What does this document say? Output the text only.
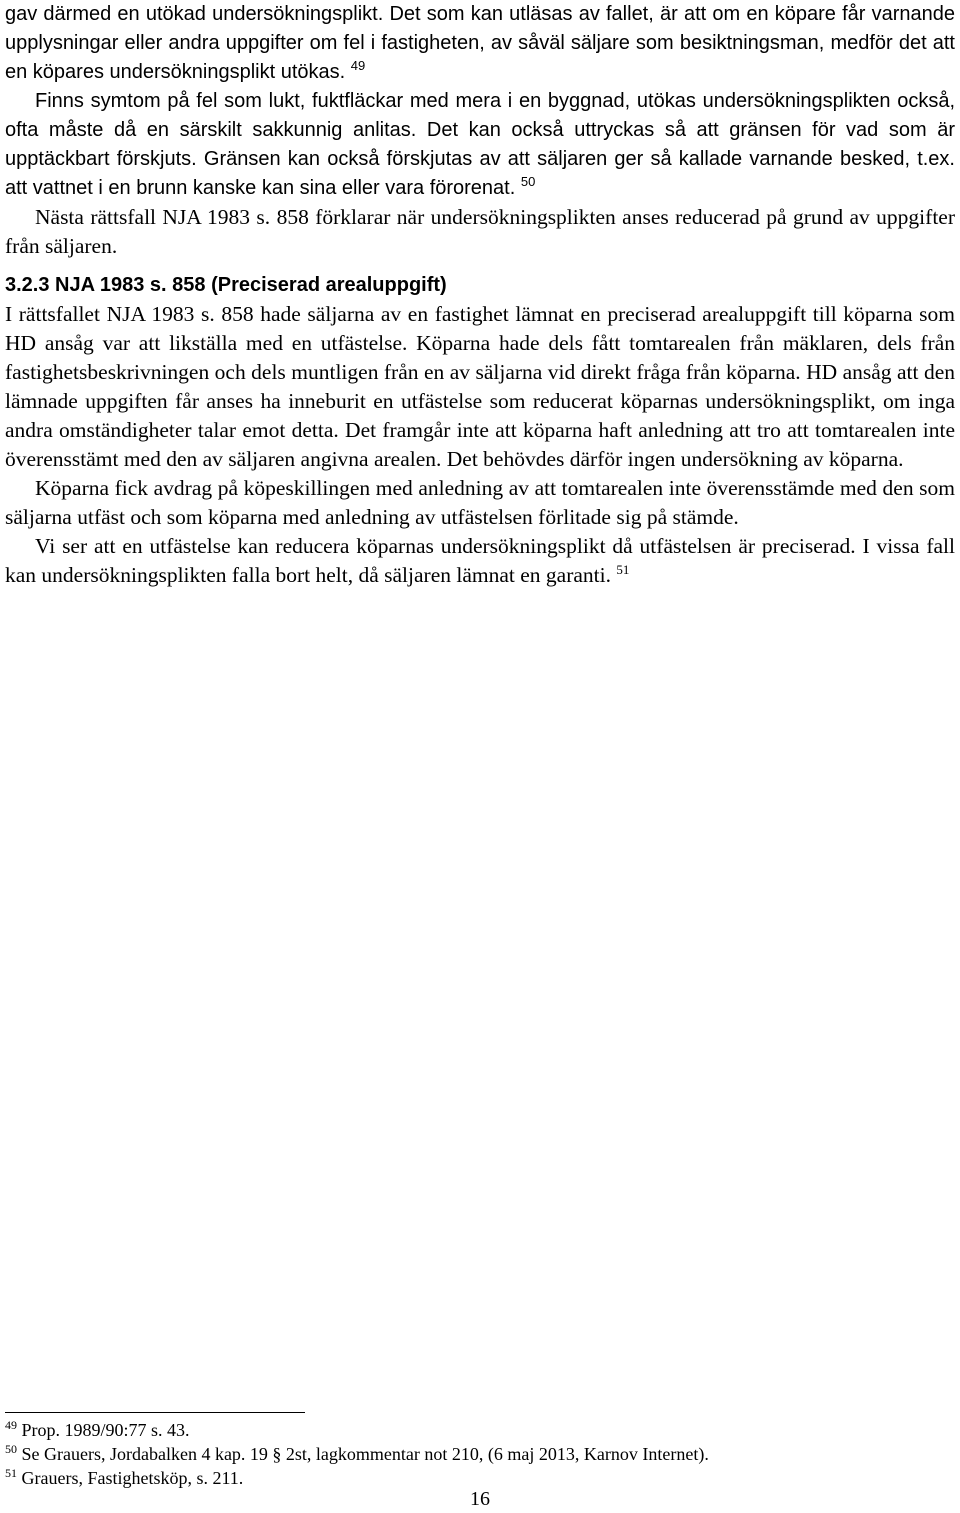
gav därmed en utökad undersökningsplikt. Det som kan utläsas av fallet, är att om en köpare får varnande upplysningar eller andra uppgifter om fel i fastigheten, av såväl säljare som besiktningsman, medför det att en köpares undersökningsplikt utökas. $^{49}$

Finns symtom på fel som lukt, fuktfläckar med mera i en byggnad, utökas undersökningsplikten också, ofta måste då en särskilt sakkunnig anlitas. Det kan också uttryckas så att gränsen för vad som är upptäckbart förskjuts. Gränsen kan också förskjutas av att säljaren ger så kallade varnande besked, t.ex. att vattnet i en brunn kanske kan sina eller vara förorenat. $^{50}$

Nästa rättsfall NJA 1983 s. 858 förklarar när undersökningsplikten anses reducerad på grund av uppgifter från säljaren.

3.2.3 NJA 1983 s. 858 (Preciserad arealuppgift)

I rättsfallet NJA 1983 s. 858 hade säljarna av en fastighet lämnat en preciserad arealuppgift till köparna som HD ansåg var att likställa med en utfästelse. Köparna hade dels fått tomtarealen från mäklaren, dels från fastighetsbeskrivningen och dels muntligen från en av säljarna vid direkt fråga från köparna. HD ansåg att den lämnade uppgiften får anses ha inneburit en utfästelse som reducerat köparnas undersökningsplikt, om inga andra omständigheter talar emot detta. Det framgår inte att köparna haft anledning att tro att tomtarealen inte överensstämt med den av säljaren angivna arealen. Det behövdes därför ingen undersökning av köparna.

Köparna fick avdrag på köpeskillingen med anledning av att tomtarealen inte överensstämde med den som säljarna utfäst och som köparna med anledning av utfästelsen förlitade sig på stämde.

Vi ser att en utfästelse kan reducera köparnas undersökningsplikt då utfästelsen är preciserad. I vissa fall kan undersökningsplikten falla bort helt, då säljaren lämnat en garanti. $^{51}$

$^{49}$ Prop. 1989/90:77 s. 43.

$^{50}$ Se Grauers, Jordabalken 4 kap. 19 § 2st, lagkommentar not 210, (6 maj 2013, Karnov Internet).

$^{51}$ Grauers, Fastighetsköp, s. 211.

16
